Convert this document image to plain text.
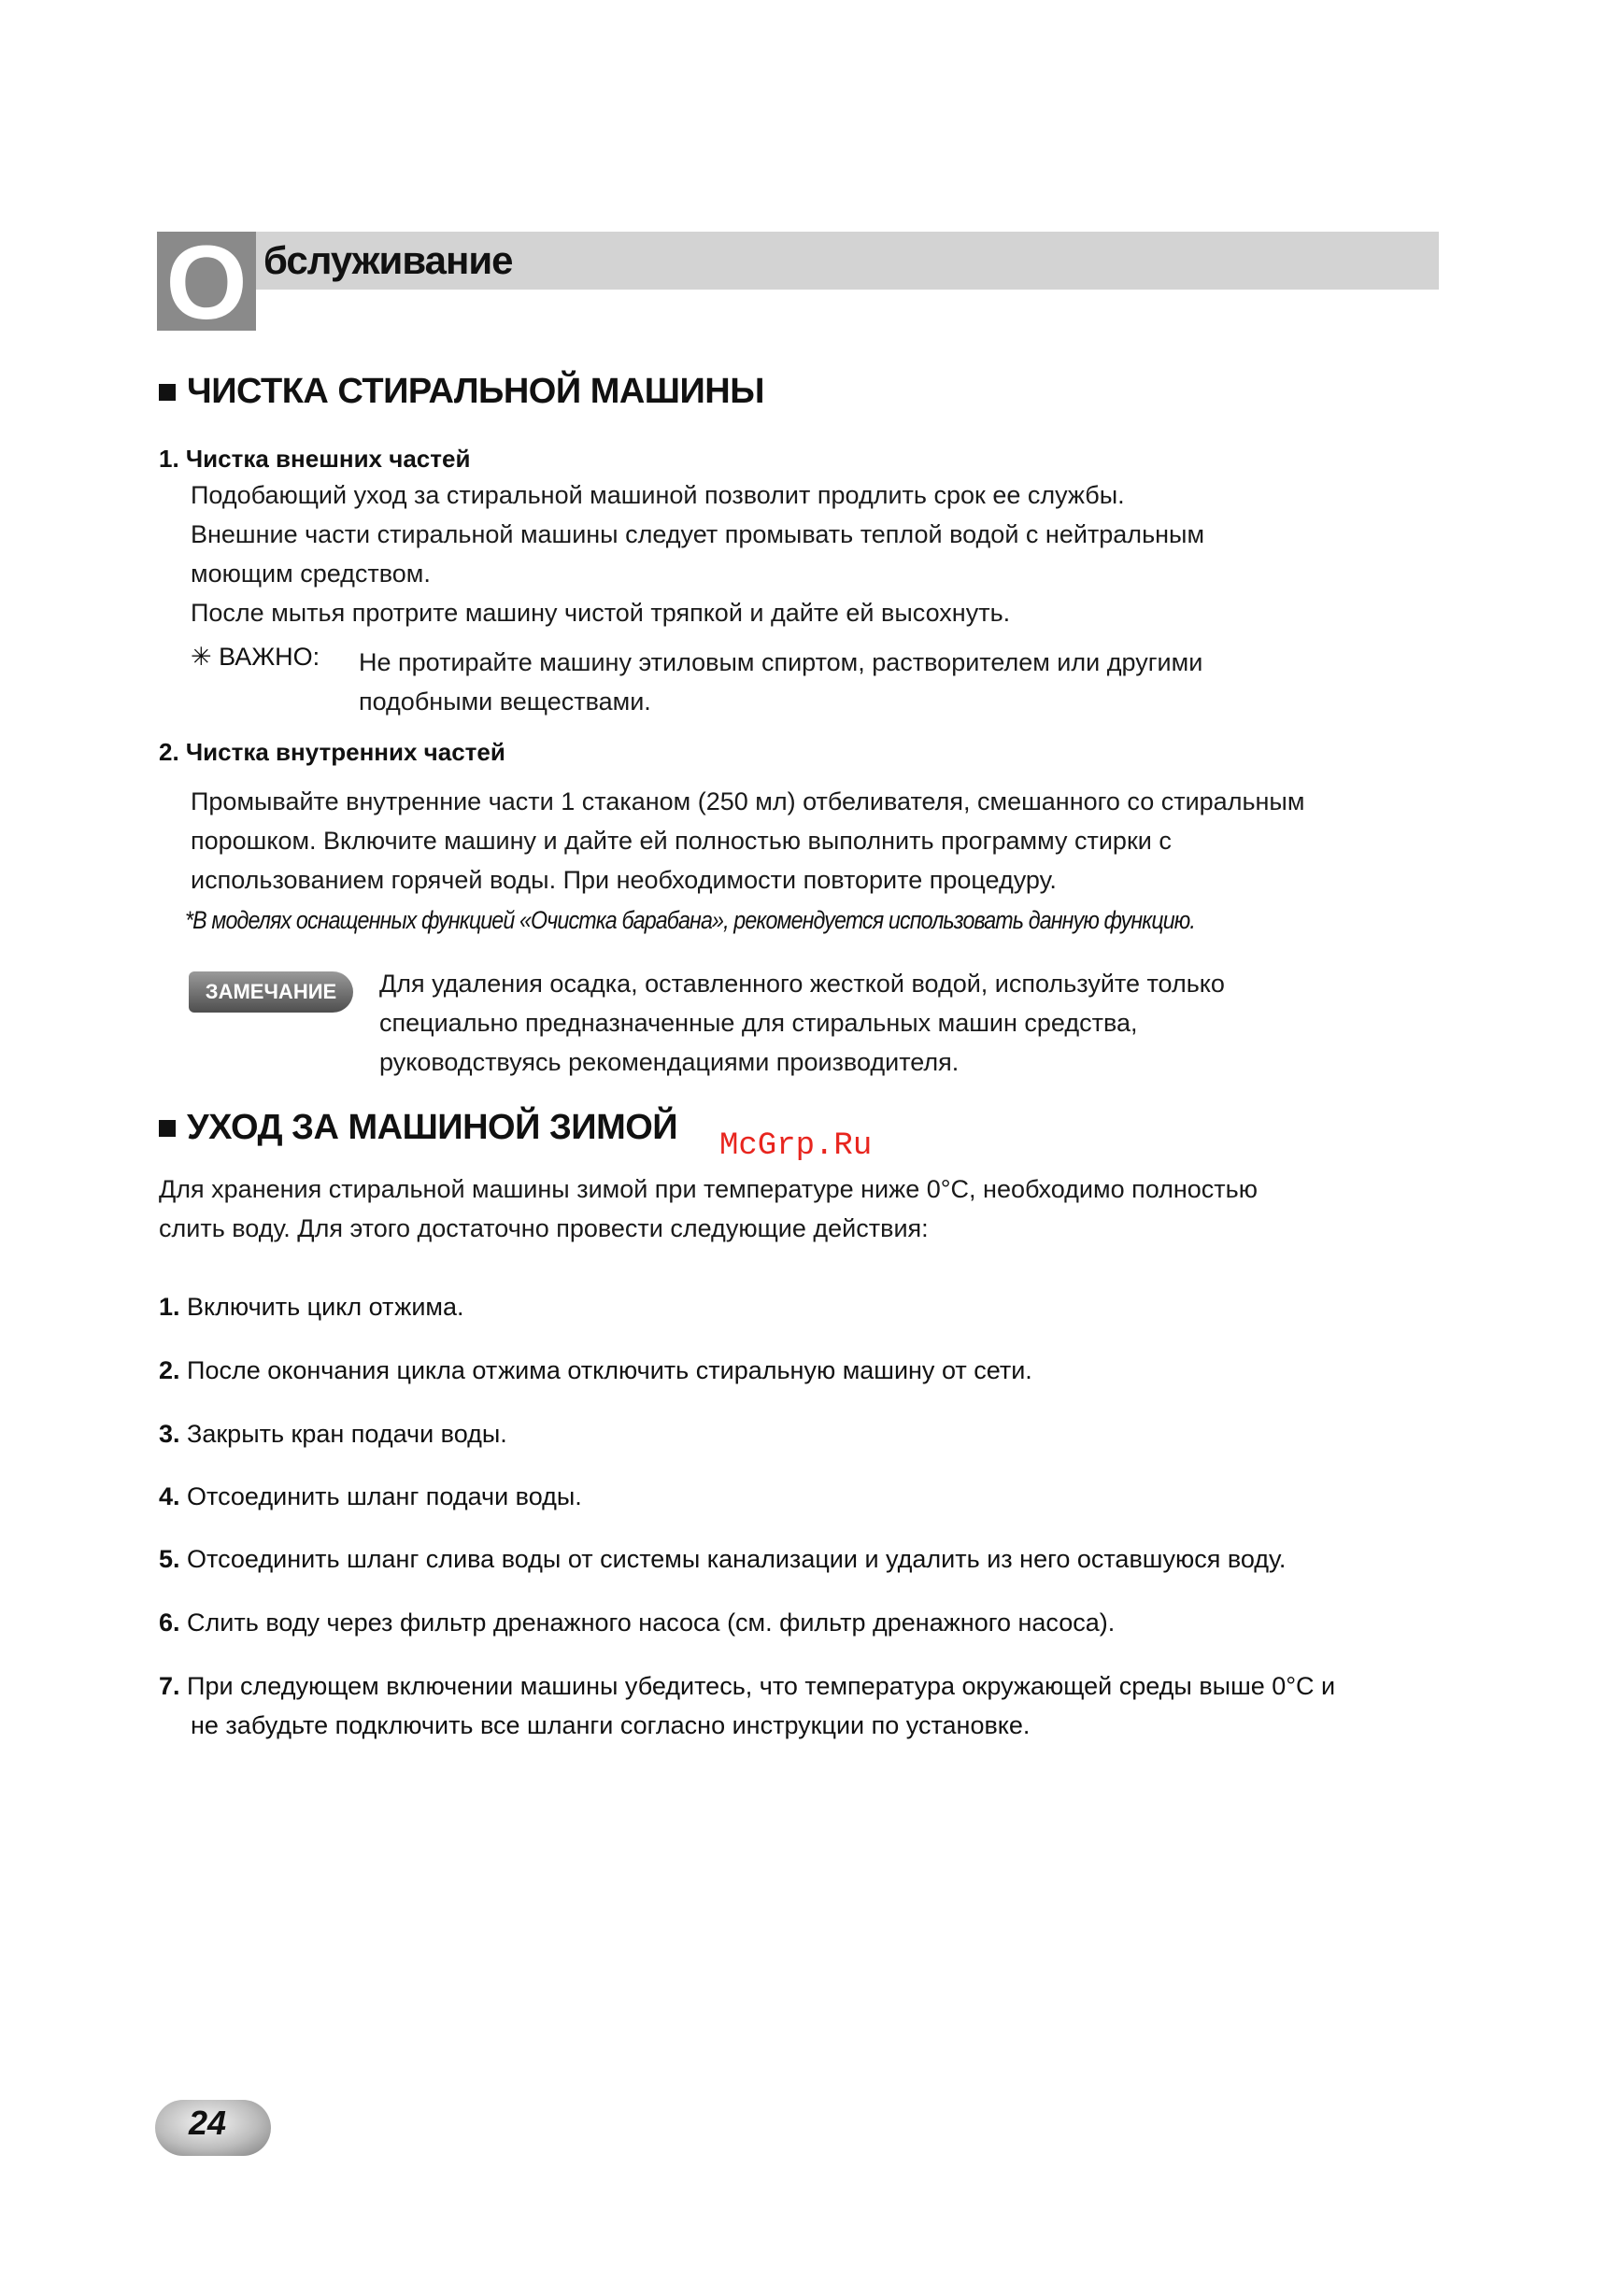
О бслуживание
ЧИСТКА СТИРАЛЬНОЙ МАШИНЫ
1. Чистка внешних частей
Подобающий уход за стиральной машиной позволит продлить срок ее службы.
Внешние части стиральной машины следует промывать теплой водой с нейтральным
моющим средством.
После мытья протрите машину чистой тряпкой и дайте ей высохнуть.
✳ ВАЖНО: Не протирайте машину этиловым спиртом, растворителем или другими
подобными веществами.
2. Чистка внутренних частей
Промывайте внутренние части 1 стаканом (250 мл) отбеливателя, смешанного со стиральным
порошком. Включите машину и дайте ей полностью выполнить программу стирки с
использованием горячей воды. При необходимости повторите процедуру.
*В моделях оснащенных функцией «Очистка барабана», рекомендуется использовать данную функцию.
ЗАМЕЧАНИЕ	Для удаления осадка, оставленного жесткой водой, используйте только
специально предназначенные для стиральных машин средства,
руководствуясь рекомендациями производителя.
УХОД ЗА МАШИНОЙ ЗИМОЙ McGrp.Ru
Для хранения стиральной машины зимой при температуре ниже 0°C, необходимо полностью
слить воду. Для этого достаточно провести следующие действия:
1. Включить цикл отжима.
2. После окончания цикла отжима отключить стиральную машину от сети.
3. Закрыть кран подачи воды.
4. Отсоединить шланг подачи воды.
5. Отсоединить шланг слива воды от системы канализации и удалить из него оставшуюся воду.
6. Слить воду через фильтр дренажного насоса (см. фильтр дренажного насоса).
7. При следующем включении машины убедитесь, что температура окружающей среды выше 0°C и
не забудьте подключить все шланги согласно инструкции по установке.
24
